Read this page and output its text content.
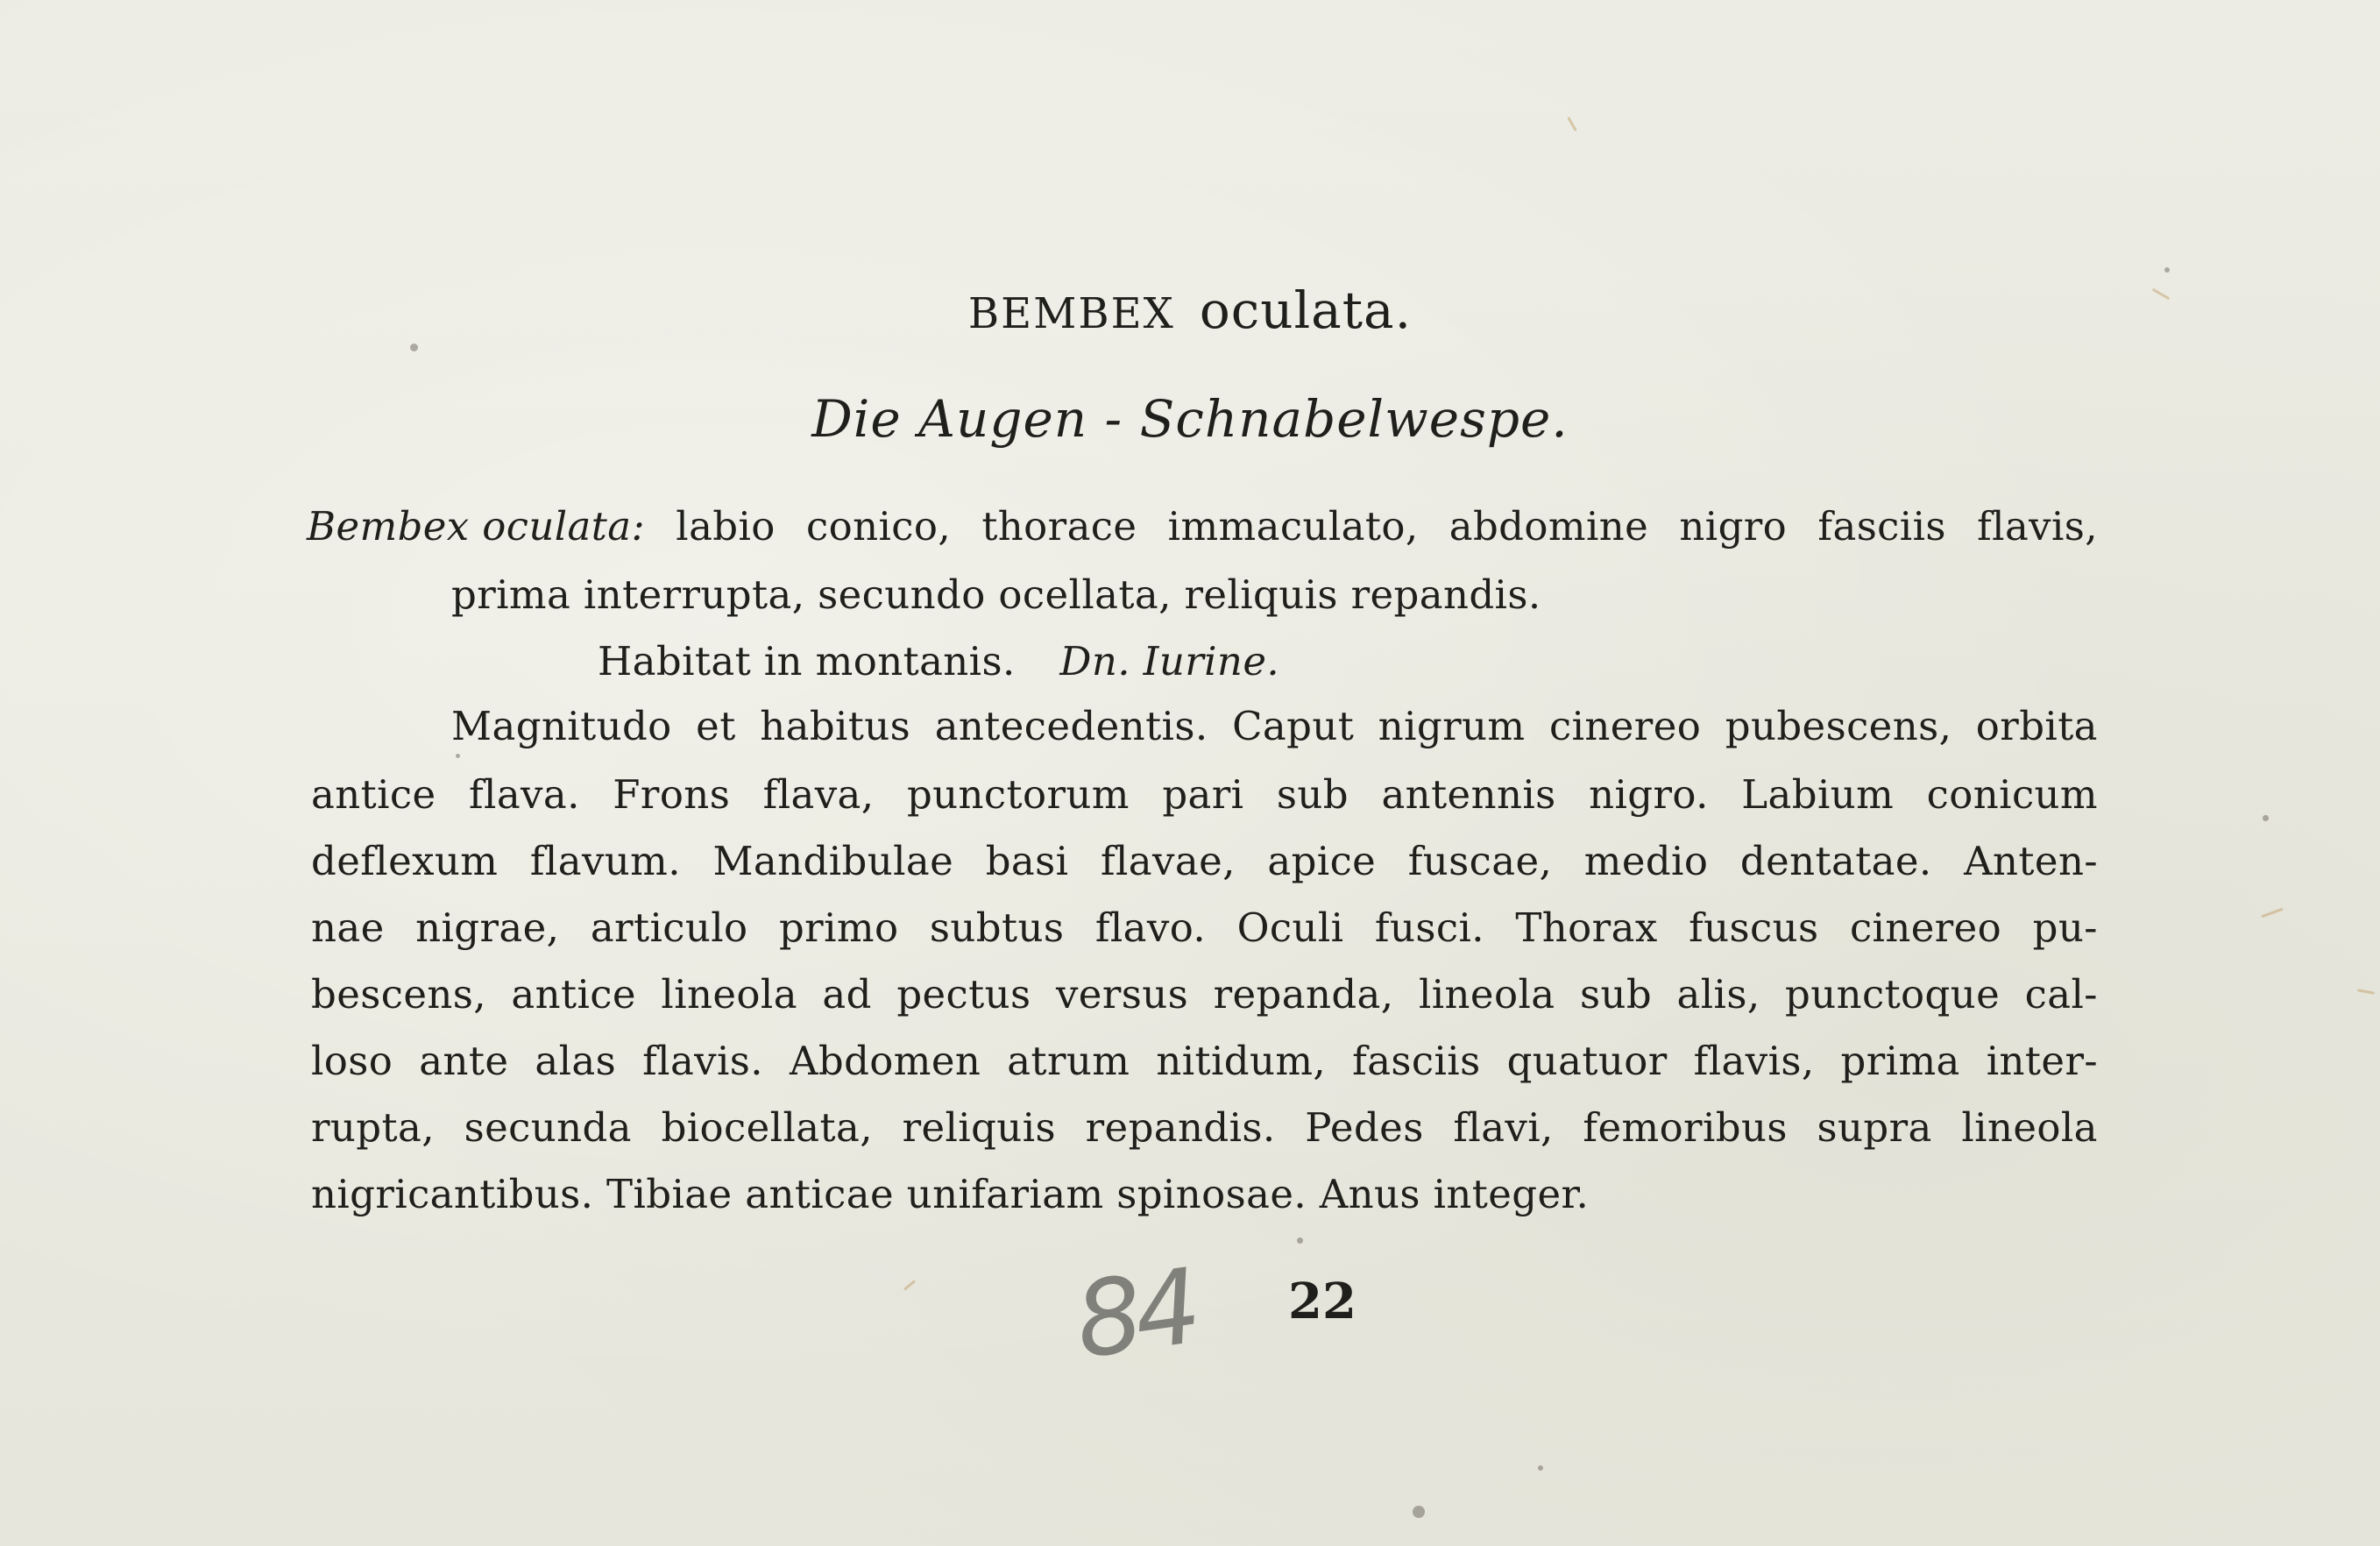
BEMBEX oculata.
Die Augen - Schnabelwespe.
Bembex oculata: labio conico, thorace immaculato, abdomine nigro fasciis flavis,
prima interrupta, secundo ocellata, reliquis repandis.
Habitat in montanis. Dn. Iurine.
Magnitudo et habitus antecedentis. Caput nigrum cinereo pubescens, orbita
antice flava. Frons flava, punctorum pari sub antennis nigro. Labium conicum
deflexum flavum. Mandibulae basi flavae, apice fuscae, medio dentatae. Anten-
nae nigrae, articulo primo subtus flavo. Oculi fusci. Thorax fuscus cinereo pu-
bescens, antice lineola ad pectus versus repanda, lineola sub alis, punctoque cal-
loso ante alas flavis. Abdomen atrum nitidum, fasciis quatuor flavis, prima inter-
rupta, secunda biocellata, reliquis repandis. Pedes flavi, femoribus supra lineola
nigricantibus. Tibiae anticae unifariam spinosae. Anus integer.
84 22
